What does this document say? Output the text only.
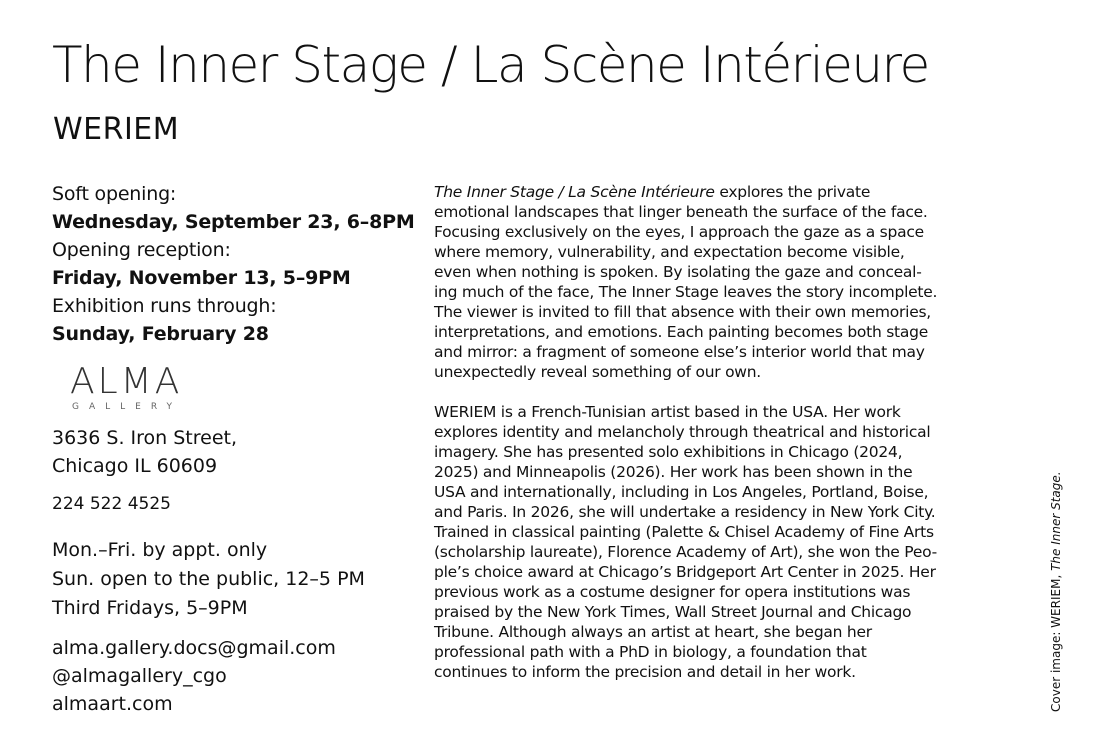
The Inner Stage / La Scène Intérieure
WERIEM
Soft opening:
Wednesday, September 23, 6–8PM
Opening reception:
Friday, November 13, 5–9PM
Exhibition runs through:
Sunday, February 28
ALMA
GALLERY
3636 S. Iron Street,
Chicago IL 60609
224 522 4525
Mon.–Fri. by appt. only
Sun. open to the public, 12–5 PM
Third Fridays, 5–9PM
alma.gallery.docs@gmail.com
@almagallery_cgo
almaart.com

The Inner Stage / La Scène Intérieure explores the private
emotional landscapes that linger beneath the surface of the face.
Focusing exclusively on the eyes, I approach the gaze as a space
where memory, vulnerability, and expectation become visible,
even when nothing is spoken. By isolating the gaze and conceal-
ing much of the face, The Inner Stage leaves the story incomplete.
The viewer is invited to fill that absence with their own memories,
interpretations, and emotions. Each painting becomes both stage
and mirror: a fragment of someone else’s interior world that may
unexpectedly reveal something of our own.

WERIEM is a French-Tunisian artist based in the USA. Her work
explores identity and melancholy through theatrical and historical
imagery. She has presented solo exhibitions in Chicago (2024,
2025) and Minneapolis (2026). Her work has been shown in the
USA and internationally, including in Los Angeles, Portland, Boise,
and Paris. In 2026, she will undertake a residency in New York City.
Trained in classical painting (Palette & Chisel Academy of Fine Arts
(scholarship laureate), Florence Academy of Art), she won the Peo-
ple’s choice award at Chicago’s Bridgeport Art Center in 2025. Her
previous work as a costume designer for opera institutions was
praised by the New York Times, Wall Street Journal and Chicago
Tribune. Although always an artist at heart, she began her
professional path with a PhD in biology, a foundation that
continues to inform the precision and detail in her work.	Cover image: WERIEM, The Inner Stage.
